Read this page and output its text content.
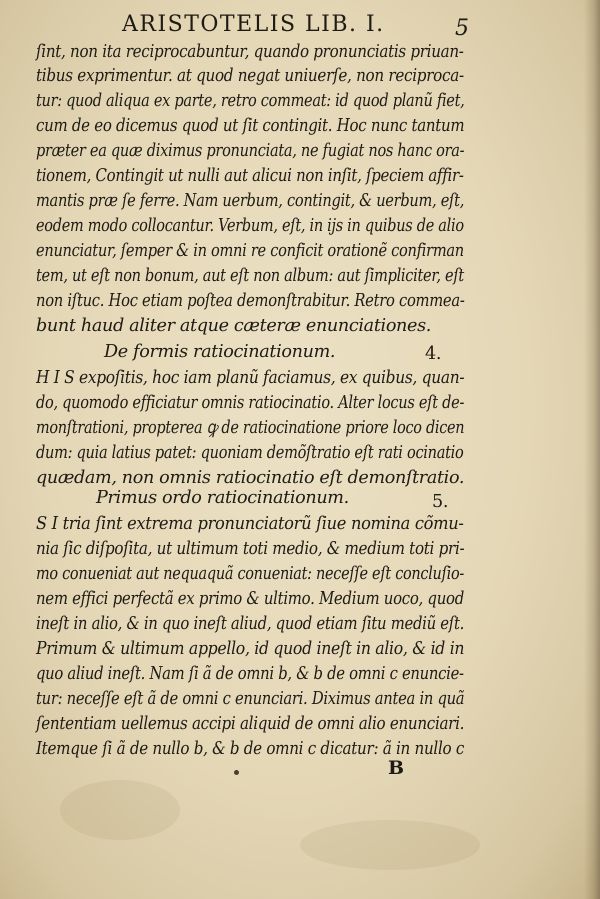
ARISTOTELIS LIB. I.	5
ſint, non ita reciprocabuntur, quando pronunciatis priuan-
tibus exprimentur. at quod negat uniuerſe, non reciproca-
tur: quod aliqua ex parte, retro commeat: id quod planũ fiet,
cum de eo dicemus quod ut ſit contingit. Hoc nunc tantum
præter ea quæ diximus pronunciata, ne fugiat nos hanc ora-
tionem, Contingit ut nulli aut alicui non inſit, ſpeciem affir-
mantis præ ſe ferre. Nam uerbum, contingit, & uerbum, eſt,
eodem modo collocantur. Verbum, eſt, in ijs in quibus de alio
enunciatur, ſemper & in omni re conficit orationẽ confirman
tem, ut eſt non bonum, aut eſt non album: aut ſimpliciter, eſt
non iſtuc. Hoc etiam poſtea demonſtrabitur. Retro commea-
bunt haud aliter atque cæteræ enunciationes.
De formis ratiocinationum.	4.
H I S expoſitis, hoc iam planũ faciamus, ex quibus, quan-
do, quomodo efficiatur omnis ratiocinatio. Alter locus eſt de-
monſtrationi, propterea ꝙ de ratiocinatione priore loco dicen
dum: quia latius patet: quoniam demõſtratio eſt rati ocinatio
quædam, non omnis ratiocinatio eſt demonſtratio.
Primus ordo ratiocinationum.	5.
S I tria ſint extrema pronunciatorũ ſiue nomina cõmu-
nia ſic diſpoſita, ut ultimum toti medio, & medium toti pri-
mo conueniat aut nequaquã conueniat: neceſſe eſt concluſio-
nem effici perfectã ex primo & ultimo. Medium uoco, quod
ineſt in alio, & in quo ineſt aliud, quod etiam ſitu mediũ eſt.
Primum & ultimum appello, id quod ineſt in alio, & id in
quo aliud ineſt. Nam ſi ã de omni b, & b de omni c enuncie-
tur: neceſſe eſt ã de omni c enunciari. Diximus antea in quã
ſententiam uellemus accipi aliquid de omni alio enunciari.
Itemque ſi ã de nullo b, & b de omni c dicatur: ã in nullo c
B
